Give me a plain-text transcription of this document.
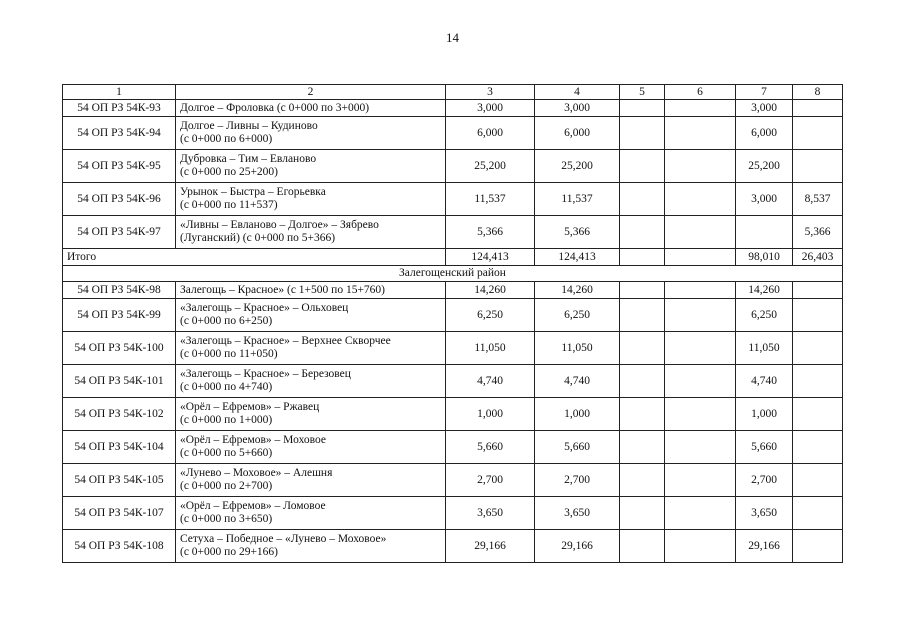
14
1	2	3	4	5	6	7	8
54 ОП РЗ 54К-93	Долгое – Фроловка (с 0+000 по 3+000)	3,000	3,000			3,000	
54 ОП РЗ 54К-94	Долгое – Ливны – Кудиново
(с 0+000 по 6+000)	6,000	6,000			6,000	
54 ОП РЗ 54К-95	Дубровка – Тим – Евланово
(с 0+000 по 25+200)	25,200	25,200			25,200	
54 ОП РЗ 54К-96	Урынок – Быстра – Егорьевка
(с 0+000 по 11+537)	11,537	11,537			3,000	8,537
54 ОП РЗ 54К-97	«Ливны – Евланово – Долгое» – Зябрево
(Луганский) (с 0+000 по 5+366)	5,366	5,366				5,366
Итого		124,413	124,413			98,010	26,403
Залегощенский район							
54 ОП РЗ 54К-98	Залегощь – Красное» (с 1+500 по 15+760)	14,260	14,260			14,260	
54 ОП РЗ 54К-99	«Залегощь – Красное» – Ольховец
(с 0+000 по 6+250)	6,250	6,250			6,250	
54 ОП РЗ 54К-100	«Залегощь – Красное» – Верхнее Скворчее
(с 0+000 по 11+050)	11,050	11,050			11,050	
54 ОП РЗ 54К-101	«Залегощь – Красное» – Березовец
(с 0+000 по 4+740)	4,740	4,740			4,740	
54 ОП РЗ 54К-102	«Орёл – Ефремов» – Ржавец
(с 0+000 по 1+000)	1,000	1,000			1,000	
54 ОП РЗ 54К-104	«Орёл – Ефремов» – Моховое
(с 0+000 по 5+660)	5,660	5,660			5,660	
54 ОП РЗ 54К-105	«Лунево – Моховое» – Алешня
(с 0+000 по 2+700)	2,700	2,700			2,700	
54 ОП РЗ 54К-107	«Орёл – Ефремов» – Ломовое
(с 0+000 по 3+650)	3,650	3,650			3,650	
54 ОП РЗ 54К-108	Сетуха – Победное – «Лунево – Моховое»
(с 0+000 по 29+166)	29,166	29,166			29,166	
